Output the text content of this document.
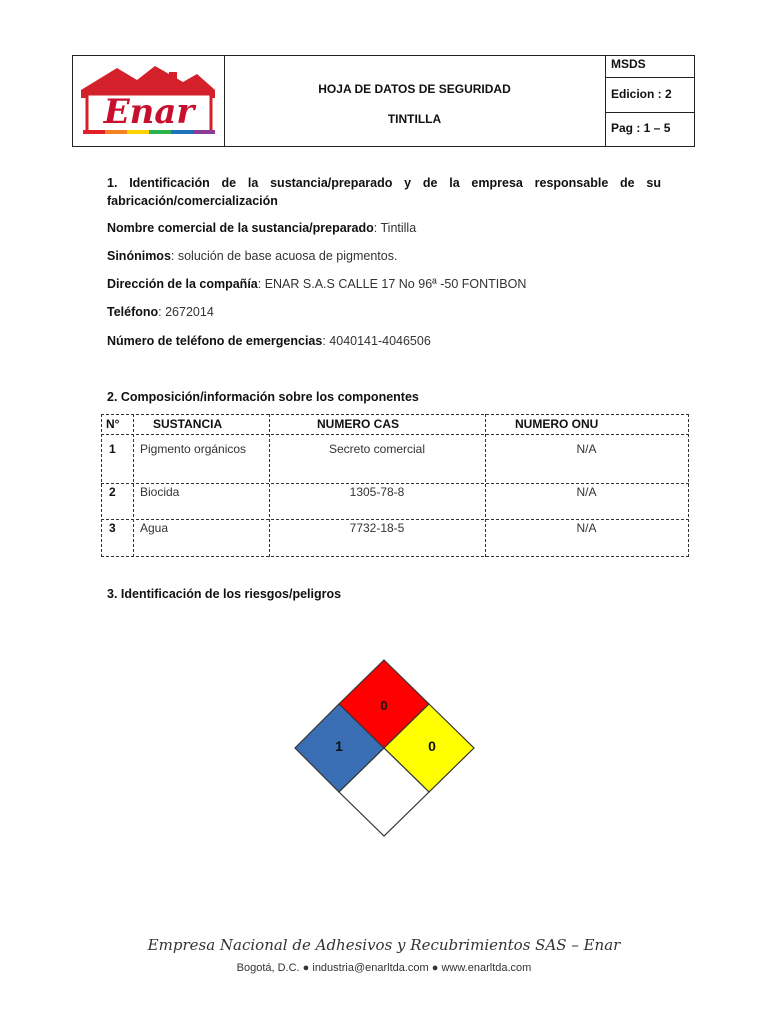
Enar
HOJA DE DATOS DE SEGURIDAD
TINTILLA
MSDS
Edicion : 2
Pag : 1 – 5
1. Identificación de la sustancia/preparado y de la empresa responsable de su fabricación/comercialización
Nombre comercial de la sustancia/preparado: Tintilla
Sinónimos: solución de base acuosa de pigmentos.
Dirección de la compañía: ENAR S.A.S CALLE 17 No 96ª -50 FONTIBON
Teléfono: 2672014
Número de teléfono de emergencias: 4040141-4046506
2. Composición/información sobre los componentes
N°	SUSTANCIA	NUMERO CAS	NUMERO ONU
1 Pigmento orgánicos	Secreto comercial	N/A
2 Biocida	1305-78-8	N/A
3 Agua	7732-18-5	N/A
3. Identificación de los riesgos/peligros
0
1	0
Empresa Nacional de Adhesivos y Recubrimientos SAS – Enar
Bogotá, D.C. ● industria@enarltda.com ● www.enarltda.com
